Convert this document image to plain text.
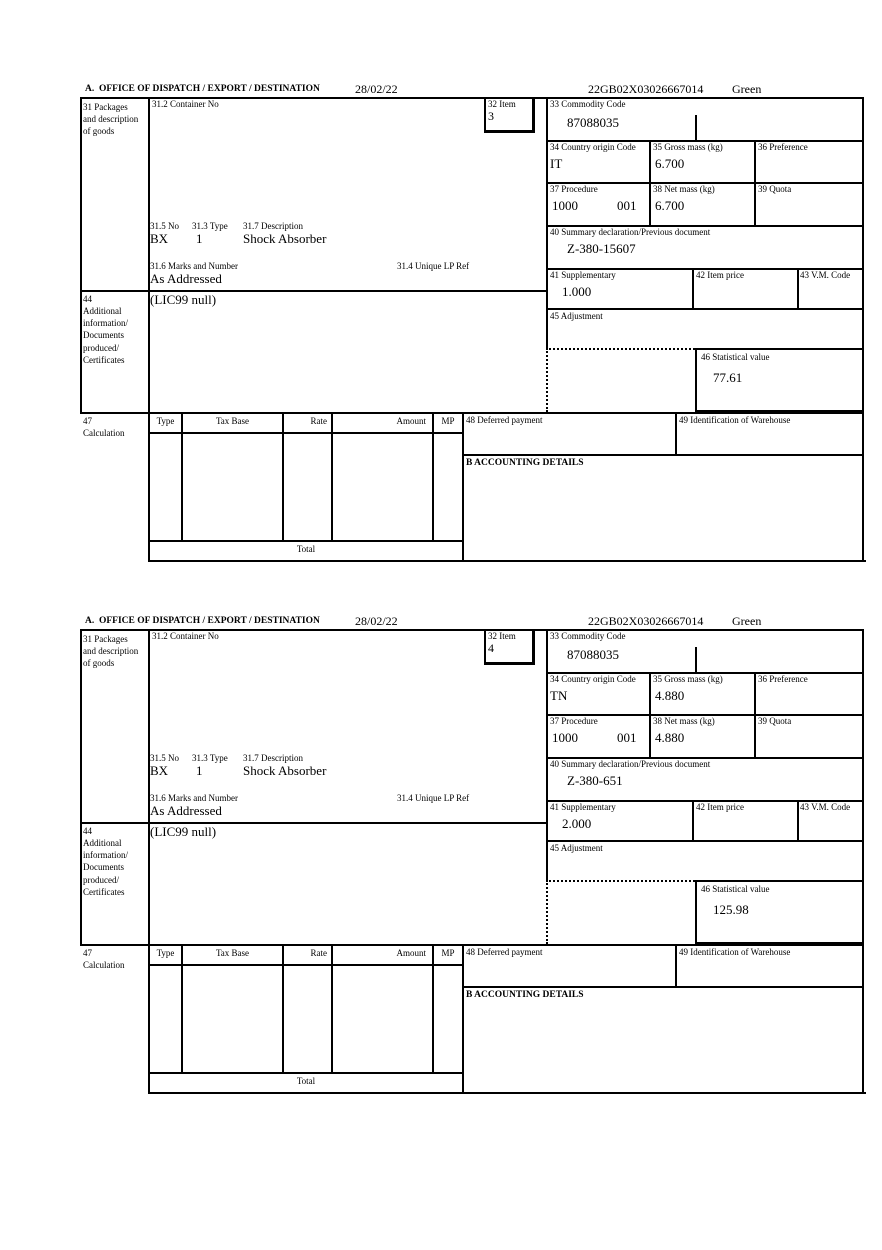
A.  OFFICE OF DISPATCH / EXPORT / DESTINATION	28/02/22	22GB02X03026667014 Green
31 Packages and description of goods
31.2 Container No	32 Item
3
33 Commodity Code
87088035
34 Country origin Code
IT
35 Gross mass (kg)
6.700
36 Preference
37 Procedure
1000	001
38 Net mass (kg)
6.700
39 Quota
40 Summary declaration/Previous document
Z-380-15607
41 Supplementary
1.000
42 Item price	43 V.M. Code
31.5 No 31.3 Type 31.7 Description
BX 1	Shock Absorber
31.6 Marks and Number	31.4 Unique LP Ref
As Addressed
44
Additional information/ Documents produced/ Certificates
(LIC99 null)
45 Adjustment
46 Statistical value
77.61
47
Calculation
Type	Tax Base	Rate	Amount	MP
Total
48 Deferred payment	49 Identification of Warehouse
B ACCOUNTING DETAILS
A.  OFFICE OF DISPATCH / EXPORT / DESTINATION	28/02/22	22GB02X03026667014 Green
31 Packages and description of goods
31.2 Container No	32 Item
4
33 Commodity Code
87088035
34 Country origin Code
TN
35 Gross mass (kg)
4.880
36 Preference
37 Procedure
1000	001
38 Net mass (kg)
4.880
39 Quota
40 Summary declaration/Previous document
Z-380-651
41 Supplementary
2.000
42 Item price	43 V.M. Code
31.5 No 31.3 Type 31.7 Description
BX 1	Shock Absorber
31.6 Marks and Number	31.4 Unique LP Ref
As Addressed
44
Additional information/ Documents produced/ Certificates
(LIC99 null)
45 Adjustment
46 Statistical value
125.98
47
Calculation
Type	Tax Base	Rate	Amount	MP
Total
48 Deferred payment	49 Identification of Warehouse
B ACCOUNTING DETAILS
